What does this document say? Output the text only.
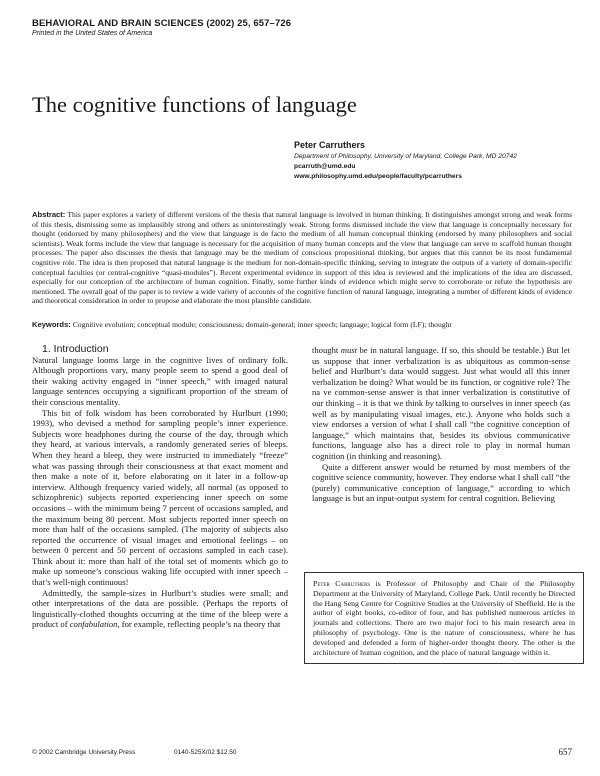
BEHAVIORAL AND BRAIN SCIENCES (2002) 25, 657–726
Printed in the United States of America
The cognitive functions of language
Peter Carruthers
Department of Philosophy, University of Maryland, College Park, MD 20742
pcarruth@umd.edu
www.philosophy.umd.edu/people/faculty/pcarruthers
Abstract: This paper explores a variety of different versions of the thesis that natural language is involved in human thinking. It distinguishes amongst strong and weak forms of this thesis, dismissing some as implausibly strong and others as uninterestingly weak. Strong forms dismissed include the view that language is conceptually necessary for thought (endorsed by many philosophers) and the view that language is de facto the medium of all human conceptual thinking (endorsed by many philosophers and social scientists). Weak forms include the view that language is necessary for the acquisition of many human concepts and the view that language can serve to scaffold human thought processes. The paper also discusses the thesis that language may be the medium of conscious propositional thinking, but argues that this cannot be its most fundamental cognitive role. The idea is then proposed that natural language is the medium for non-domain-specific thinking, serving to integrate the outputs of a variety of domain-specific conceptual faculties (or central-cognitive “quasi-modules”). Recent experimental evidence in support of this idea is reviewed and the implications of the idea are discussed, especially for our conception of the architecture of human cognition. Finally, some further kinds of evidence which might serve to corroborate or refute the hypothesis are mentioned. The overall goal of the paper is to review a wide variety of accounts of the cognitive function of natural language, integrating a number of different kinds of evidence and theoretical consideration in order to propose and elaborate the most plausible candidate.
Keywords: Cognitive evolution; conceptual module; consciousness; domain-general; inner speech; language; logical form (LF); thought

1. Introduction

Natural language looms large in the cognitive lives of ordinary folk. Although proportions vary, many people seem to spend a good deal of their waking activity engaged in “inner speech,” with imaged natural language sentences occupying a significant proportion of the stream of their conscious mentality.

This bit of folk wisdom has been corroborated by Hurlburt (1990; 1993), who devised a method for sampling people’s inner experience. Subjects wore headphones during the course of the day, through which they heard, at various intervals, a randomly generated series of bleeps. When they heard a bleep, they were instructed to immediately “freeze” what was passing through their consciousness at that exact moment and then make a note of it, before elaborating on it later in a follow-up interview. Although frequency varied widely, all normal (as opposed to schizophrenic) subjects reported experiencing inner speech on some occasions – with the minimum being 7 percent of occasions sampled, and the maximum being 80 percent. Most subjects reported inner speech on more than half of the occasions sampled. (The majority of subjects also reported the occurrence of visual images and emotional feelings – on between 0 percent and 50 percent of occasions sampled in each case). Think about it: more than half of the total set of moments which go to make up someone’s conscious waking life occupied with inner speech – that’s well-nigh continuous!

Admittedly, the sample-sizes in Hurlburt’s studies were small; and other interpretations of the data are possible. (Perhaps the reports of linguistically-clothed thoughts occurring at the time of the bleep were a product of confabulation, for example, reflecting people’s na theory that

thought must be in natural language. If so, this should be testable.) But let us suppose that inner verbalization is as ubiquitous as common-sense belief and Hurlburt’s data would suggest. Just what would all this inner verbalization be doing? What would be its function, or cognitive role? The na ve common-sense answer is that inner verbalization is constitutive of our thinking – it is that we think by talking to ourselves in inner speech (as well as by manipulating visual images, etc.). Anyone who holds such a view endorses a version of what I shall call “the cognitive conception of language,” which maintains that, besides its obvious communicative functions, language also has a direct role to play in normal human cognition (in thinking and reasoning).

Quite a different answer would be returned by most members of the cognitive science community, however. They endorse what I shall call “the (purely) communicative conception of language,” according to which language is but an input-output system for central cognition. Believing

Peter Carruthers is Professor of Philosophy and Chair of the Philosophy Department at the University of Maryland, College Park. Until recently he Directed the Hang Seng Centre for Cognitive Studies at the University of Sheffield. He is the author of eight books, co-editor of four, and has published numerous articles in journals and collections. There are two major foci to his main research area in philosophy of psychology. One is the nature of consciousness, where he has developed and defended a form of higher-order thought theory. The other is the architecture of human cognition, and the place of natural language within it.
© 2002 Cambridge University Press	0140-525X/02 $12.50	657
